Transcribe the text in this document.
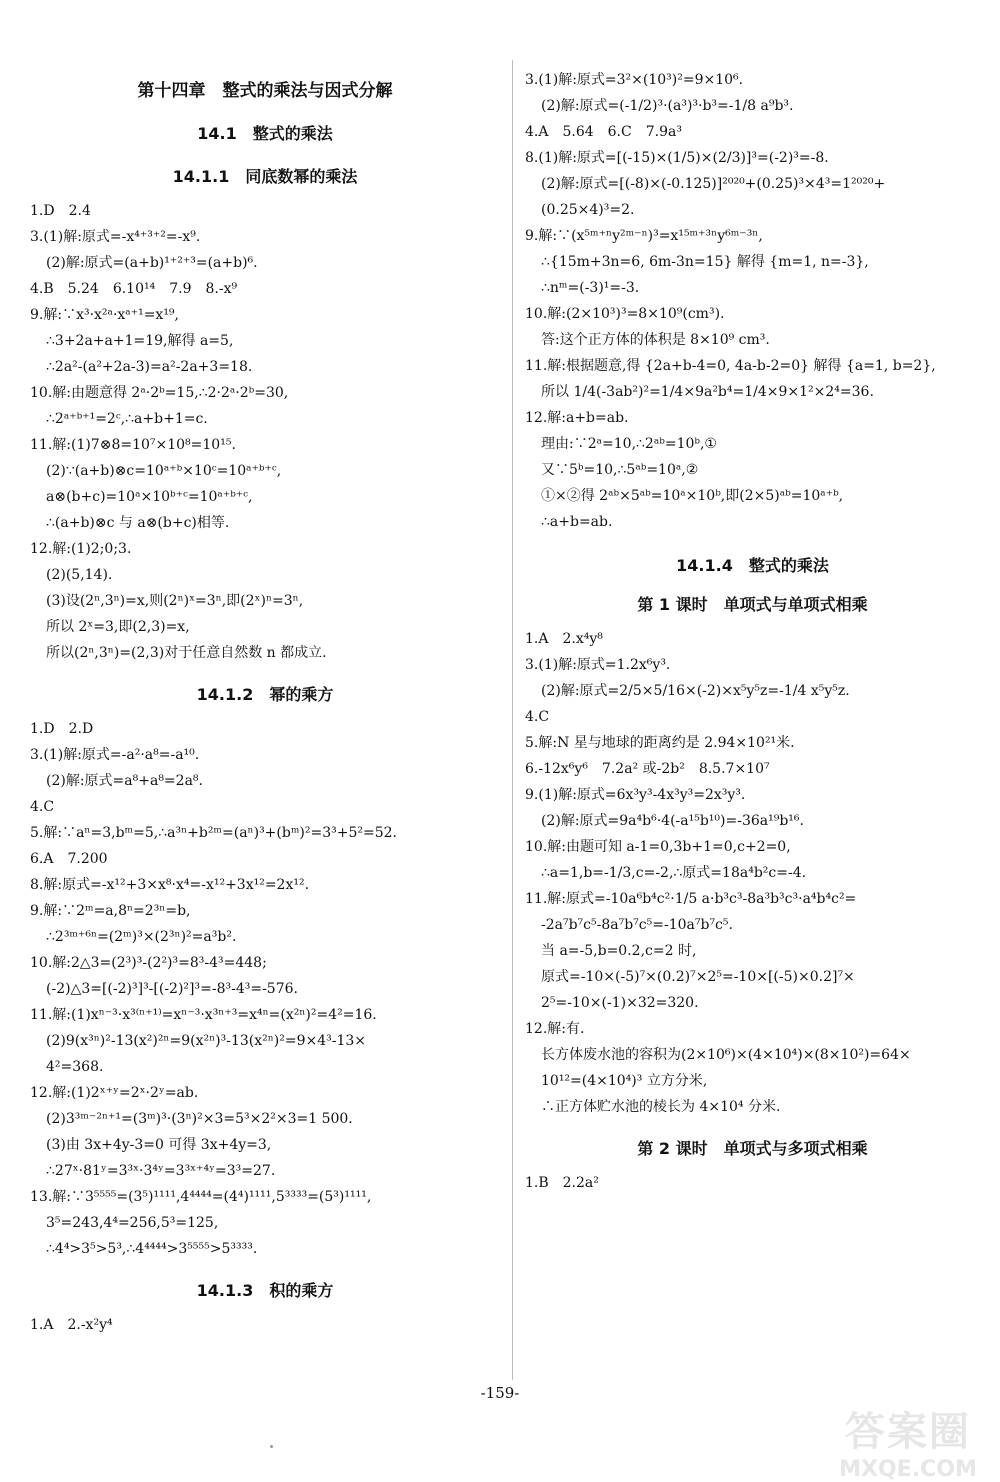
第十四章　整式的乘法与因式分解
14.1　整式的乘法
14.1.1　同底数幂的乘法
1.D　2.4
3.(1)解:原式=-x⁴⁺³⁺²=-x⁹.
(2)解:原式=(a+b)¹⁺²⁺³=(a+b)⁶.
4.B　5.24　6.10¹⁴　7.9　8.-x⁹
9.解:∵x³·x²ᵃ·xᵃ⁺¹=x¹⁹,
∴3+2a+a+1=19,解得 a=5,
∴2a²-(a²+2a-3)=a²-2a+3=18.
10.解:由题意得 2ᵃ·2ᵇ=15,∴2·2ᵃ·2ᵇ=30,
∴2ᵃ⁺ᵇ⁺¹=2ᶜ,∴a+b+1=c.
11.解:(1)7⊗8=10⁷×10⁸=10¹⁵.
(2)∵(a+b)⊗c=10ᵃ⁺ᵇ×10ᶜ=10ᵃ⁺ᵇ⁺ᶜ,
a⊗(b+c)=10ᵃ×10ᵇ⁺ᶜ=10ᵃ⁺ᵇ⁺ᶜ,
∴(a+b)⊗c 与 a⊗(b+c)相等.
12.解:(1)2;0;3.
(2)(5,14).
(3)设(2ⁿ,3ⁿ)=x,则(2ⁿ)ˣ=3ⁿ,即(2ˣ)ⁿ=3ⁿ,
所以 2ˣ=3,即(2,3)=x,
所以(2ⁿ,3ⁿ)=(2,3)对于任意自然数 n 都成立.
14.1.2　幂的乘方
1.D　2.D
3.(1)解:原式=-a²·a⁸=-a¹⁰.
(2)解:原式=a⁸+a⁸=2a⁸.
4.C
5.解:∵aⁿ=3,bᵐ=5,∴a³ⁿ+b²ᵐ=(aⁿ)³+(bᵐ)²=3³+5²=52.
6.A　7.200
8.解:原式=-x¹²+3×x⁸·x⁴=-x¹²+3x¹²=2x¹².
9.解:∵2ᵐ=a,8ⁿ=2³ⁿ=b,
∴2³ᵐ⁺⁶ⁿ=(2ᵐ)³×(2³ⁿ)²=a³b².
10.解:2△3=(2³)³-(2²)³=8³-4³=448;
(-2)△3=[(-2)³]³-[(-2)²]³=-8³-4³=-576.
11.解:(1)xⁿ⁻³·x³⁽ⁿ⁺¹⁾=xⁿ⁻³·x³ⁿ⁺³=x⁴ⁿ=(x²ⁿ)²=4²=16.
(2)9(x³ⁿ)²-13(x²)²ⁿ=9(x²ⁿ)³-13(x²ⁿ)²=9×4³-13×
4²=368.
12.解:(1)2ˣ⁺ʸ=2ˣ·2ʸ=ab.
(2)3³ᵐ⁻²ⁿ⁺¹=(3ᵐ)³·(3ⁿ)²×3=5³×2²×3=1 500.
(3)由 3x+4y-3=0 可得 3x+4y=3,
∴27ˣ·81ʸ=3³ˣ·3⁴ʸ=3³ˣ⁺⁴ʸ=3³=27.
13.解:∵3⁵⁵⁵⁵=(3⁵)¹¹¹¹,4⁴⁴⁴⁴=(4⁴)¹¹¹¹,5³³³³=(5³)¹¹¹¹,
3⁵=243,4⁴=256,5³=125,
∴4⁴>3⁵>5³,∴4⁴⁴⁴⁴>3⁵⁵⁵⁵>5³³³³.
14.1.3　积的乘方
1.A　2.-x²y⁴
3.(1)解:原式=3²×(10³)²=9×10⁶.
(2)解:原式=(-1/2)³·(a³)³·b³=-1/8 a⁹b³.
4.A　5.64　6.C　7.9a³
8.(1)解:原式=[(-15)×(1/5)×(2/3)]³=(-2)³=-8.
(2)解:原式=[(-8)×(-0.125)]²⁰²⁰+(0.25)³×4³=1²⁰²⁰+
(0.25×4)³=2.
9.解:∵(x⁵ᵐ⁺ⁿy²ᵐ⁻ⁿ)³=x¹⁵ᵐ⁺³ⁿy⁶ᵐ⁻³ⁿ,
∴{15m+3n=6, 6m-3n=15} 解得 {m=1, n=-3},
∴nᵐ=(-3)¹=-3.
10.解:(2×10³)³=8×10⁹(cm³).
答:这个正方体的体积是 8×10⁹ cm³.
11.解:根据题意,得 {2a+b-4=0, 4a-b-2=0} 解得 {a=1, b=2},
所以 1/4(-3ab²)²=1/4×9a²b⁴=1/4×9×1²×2⁴=36.
12.解:a+b=ab.
理由:∵2ᵃ=10,∴2ᵃᵇ=10ᵇ,①
又∵5ᵇ=10,∴5ᵃᵇ=10ᵃ,②
①×②得 2ᵃᵇ×5ᵃᵇ=10ᵃ×10ᵇ,即(2×5)ᵃᵇ=10ᵃ⁺ᵇ,
∴a+b=ab.
14.1.4　整式的乘法
第 1 课时　单项式与单项式相乘
1.A　2.x⁴y⁸
3.(1)解:原式=1.2x⁶y³.
(2)解:原式=2/5×5/16×(-2)×x⁵y⁵z=-1/4 x⁵y⁵z.
4.C
5.解:N 星与地球的距离约是 2.94×10²¹米.
6.-12x⁶y⁶　7.2a² 或-2b²　8.5.7×10⁷
9.(1)解:原式=6x³y³-4x³y³=2x³y³.
(2)解:原式=9a⁴b⁶·4(-a¹⁵b¹⁰)=-36a¹⁹b¹⁶.
10.解:由题可知 a-1=0,3b+1=0,c+2=0,
∴a=1,b=-1/3,c=-2,∴原式=18a⁴b²c=-4.
11.解:原式=-10a⁶b⁴c²·1/5 a·b³c³-8a³b³c³·a⁴b⁴c²=
-2a⁷b⁷c⁵-8a⁷b⁷c⁵=-10a⁷b⁷c⁵.
当 a=-5,b=0.2,c=2 时,
原式=-10×(-5)⁷×(0.2)⁷×2⁵=-10×[(-5)×0.2]⁷×
2⁵=-10×(-1)×32=320.
12.解:有.
长方体废水池的容积为(2×10⁶)×(4×10⁴)×(8×10²)=64×
10¹²=(4×10⁴)³ 立方分米,
∴正方体贮水池的棱长为 4×10⁴ 分米.
第 2 课时　单项式与多项式相乘
1.B　2.2a²
-159-
答案圈
MXQE.COM
